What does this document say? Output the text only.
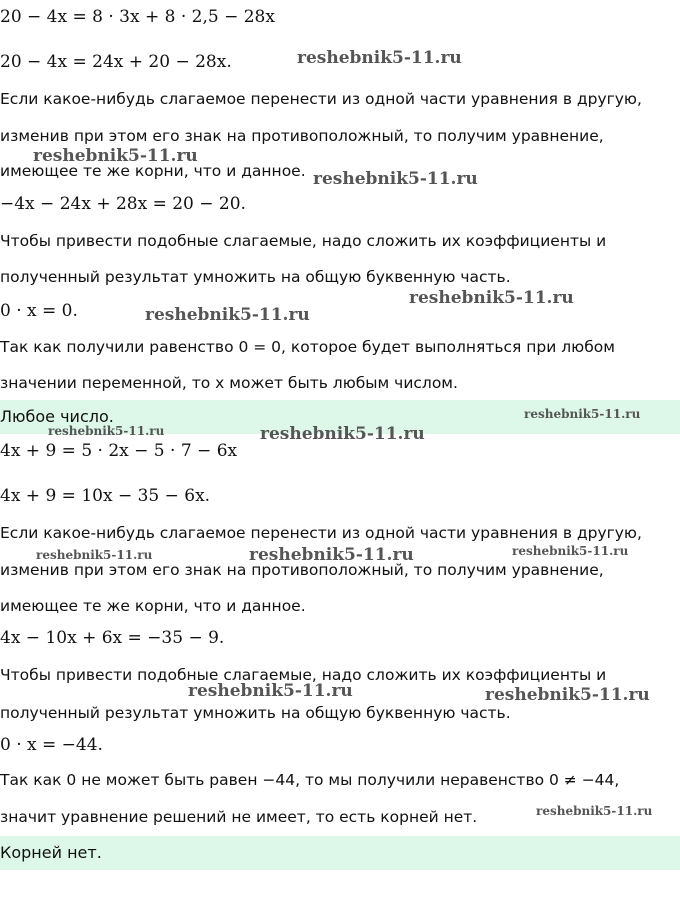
20 − 4x = 8 · 3x + 8 · 2,5 − 28x
20 − 4x = 24x + 20 − 28x.
Если какое-нибудь слагаемое перенести из одной части уравнения в другую,
изменив при этом его знак на противоположный, то получим уравнение,
имеющее те же корни, что и данное.
−4x − 24x + 28x = 20 − 20.
Чтобы привести подобные слагаемые, надо сложить их коэффициенты и
полученный результат умножить на общую буквенную часть.
0 · x = 0.
Так как получили равенство 0 = 0, которое будет выполняться при любом
значении переменной, то x может быть любым числом.
Любое число.
4x + 9 = 5 · 2x − 5 · 7 − 6x
4x + 9 = 10x − 35 − 6x.
Если какое-нибудь слагаемое перенести из одной части уравнения в другую,
изменив при этом его знак на противоположный, то получим уравнение,
имеющее те же корни, что и данное.
4x − 10x + 6x = −35 − 9.
Чтобы привести подобные слагаемые, надо сложить их коэффициенты и
полученный результат умножить на общую буквенную часть.
0 · x = −44.
Так как 0 не может быть равен −44, то мы получили неравенство 0 ≠ −44,
значит уравнение решений не имеет, то есть корней нет.
Корней нет.
reshebnik5-11.ru
reshebnik5-11.ru
reshebnik5-11.ru
reshebnik5-11.ru
reshebnik5-11.ru
reshebnik5-11.ru
reshebnik5-11.ru	reshebnik5-11.ru
reshebnik5-11.ru	reshebnik5-11.ru	reshebnik5-11.ru
reshebnik5-11.ru	reshebnik5-11.ru
reshebnik5-11.ru
